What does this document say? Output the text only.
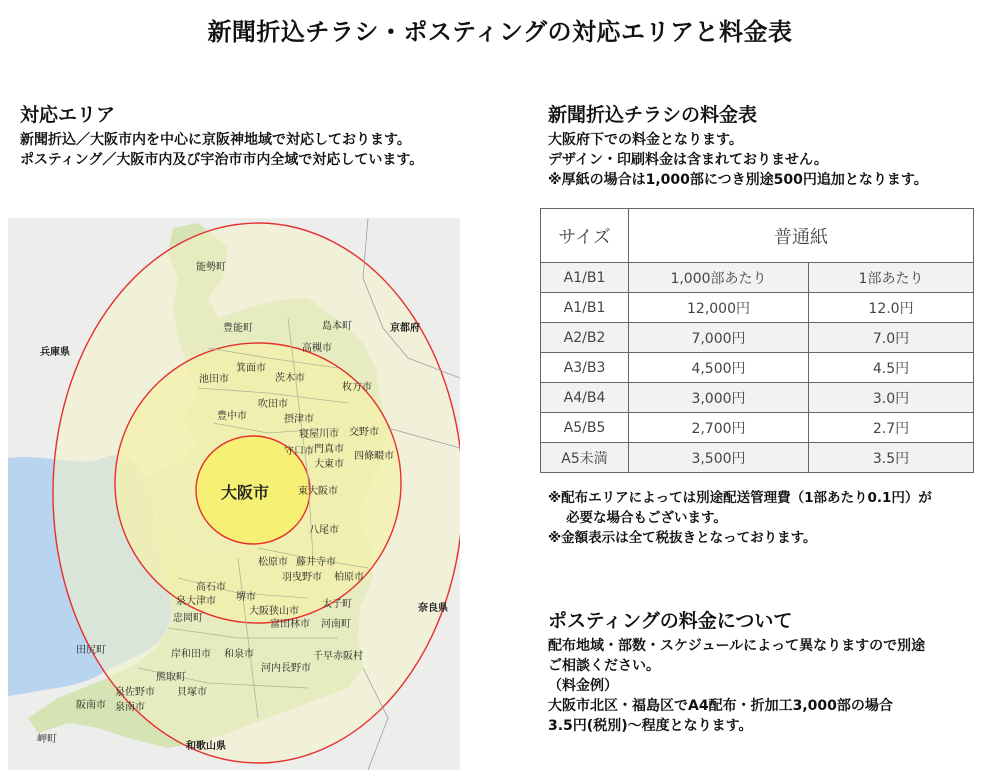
新聞折込チラシ・ポスティングの対応エリアと料金表
対応エリア
新聞折込／大阪市内を中心に京阪神地域で対応しております。
ポスティング／大阪市内及び宇治市市内全域で対応しています。
新聞折込チラシの料金表
大阪府下での料金となります。
デザイン・印刷料金は含まれておりません。
※厚紙の場合は1,000部につき別途500円追加となります。
サイズ	普通紙	
A1/B1	1,000部あたり	1部あたり
A1/B1	12,000円	12.0円
A2/B2	7,000円	7.0円
A3/B3	4,500円	4.5円
A4/B4	3,000円	3.0円
A5/B5	2,700円	2.7円
A5未満	3,500円	3.5円
※配布エリアによっては別途配送管理費（1部あたり0.1円）が
必要な場合もございます。
※金額表示は全て税抜きとなっております。
ポスティングの料金について
配布地域・部数・スケジュールによって異なりますので別途
ご相談ください。
（料金例）
大阪市北区・福島区でA4配布・折加工3,000部の場合
3.5円(税別)～程度となります。
大阪市
能勢町
豊能町	島本町	京都府
兵庫県	高槻市
箕面市
池田市	茨木市
枚方市
吹田市
豊中市	摂津市
寝屋川市 交野市
守口市 門真市
大東市
四條畷市
東大阪市
八尾市
松原市 藤井寺市
羽曳野市 柏原市
高石市
泉大津市 堺市
大阪狭山市
太子町
忠岡町
富田林市 河南町
奈良県
田尻町	岸和田市 和泉市	千早赤阪村
河内長野市
熊取町
泉佐野市 貝塚市
阪南市 泉南市
岬町
和歌山県
